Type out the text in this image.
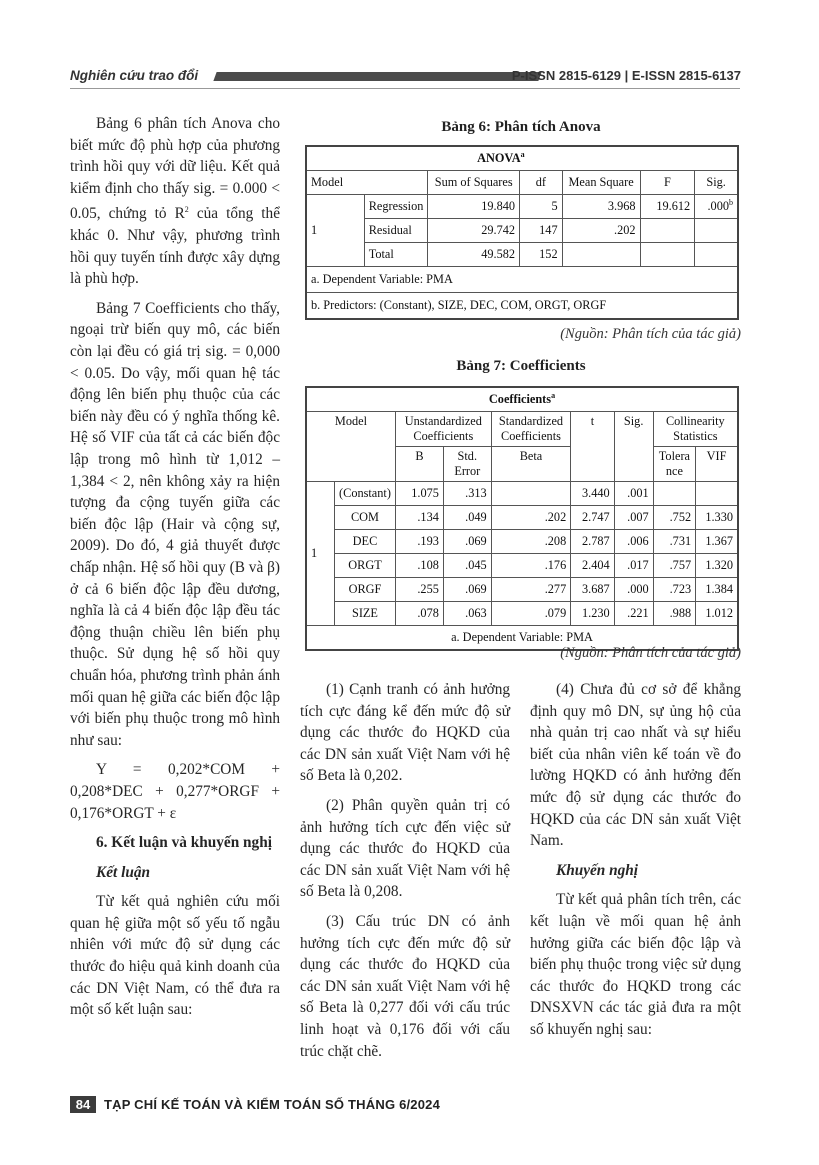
Nghiên cứu trao đổi	P-ISSN 2815-6129 | E-ISSN 2815-6137

Bảng 6 phân tích Anova cho biết mức độ phù hợp của phương trình hồi quy với dữ liệu. Kết quả kiểm định cho thấy sig. = 0.000 < 0.05, chứng tỏ $R^2$ của tổng thể khác 0. Như vậy, phương trình hồi quy tuyến tính được xây dựng là phù hợp.

Bảng 7 Coefficients cho thấy, ngoại trừ biến quy mô, các biến còn lại đều có giá trị sig. = 0,000 < 0.05. Do vậy, mối quan hệ tác động lên biến phụ thuộc của các biến này đều có ý nghĩa thống kê. Hệ số VIF của tất cả các biến độc lập trong mô hình từ 1,012 – 1,384 < 2, nên không xảy ra hiện tượng đa cộng tuyến giữa các biến độc lập (Hair và cộng sự, 2009). Do đó, 4 giả thuyết được chấp nhận. Hệ số hồi quy (B và β) ở cả 6 biến độc lập đều dương, nghĩa là cả 4 biến độc lập đều tác động thuận chiều lên biến phụ thuộc. Sử dụng hệ số hồi quy chuẩn hóa, phương trình phản ánh mối quan hệ giữa các biến độc lập với biến phụ thuộc trong mô hình như sau:

Y = 0,202*COM + 0,208*DEC + 0,277*ORGF + 0,176*ORGT + ε

6. Kết luận và khuyến nghị
Kết luận

Từ kết quả nghiên cứu mối quan hệ giữa một số yếu tố ngẫu nhiên với mức độ sử dụng các thước đo hiệu quả kinh doanh của các DN Việt Nam, có thể đưa ra một số kết luận sau:

Bảng 6: Phân tích Anova
ANOVA$^a$
Model		Sum of Squares	df	Mean Square	F	Sig.
1	Regression	19.840	5	3.968	19.612	.000$^b$
	Residual	29.742	147	.202		
	Total	49.582	152			
a. Dependent Variable: PMA						
b. Predictors: (Constant), SIZE, DEC, COM, ORGT, ORGF						
(Nguồn: Phân tích của tác giả)
Bảng 7: Coefficients
Coefficients$^a$
Model		Unstandardized Coefficients		Standardized Coefficients	t	Sig.	Collinearity Statistics	
		B	Std. Error	Beta			Tolera nce	VIF
1	(Constant)	1.075	.313		3.440	.001		
	COM	.134	.049	.202	2.747	.007	.752	1.330
	DEC	.193	.069	.208	2.787	.006	.731	1.367
	ORGT	.108	.045	.176	2.404	.017	.757	1.320
	ORGF	.255	.069	.277	3.687	.000	.723	1.384
	SIZE	.078	.063	.079	1.230	.221	.988	1.012
a. Dependent Variable: PMA								
(Nguồn: Phân tích của tác giả)

(1) Cạnh tranh có ảnh hưởng tích cực đáng kể đến mức độ sử dụng các thước đo HQKD của các DN sản xuất Việt Nam với hệ số Beta là 0,202.

(2) Phân quyền quản trị có ảnh hưởng tích cực đến việc sử dụng các thước đo HQKD của các DN sản xuất Việt Nam với hệ số Beta là 0,208.

(3) Cấu trúc DN có ảnh hưởng tích cực đến mức độ sử dụng các thước đo HQKD của các DN sản xuất Việt Nam với hệ số Beta là 0,277 đối với cấu trúc linh hoạt và 0,176 đối với cấu trúc chặt chẽ.

(4) Chưa đủ cơ sở để khẳng định quy mô DN, sự ủng hộ của nhà quản trị cao nhất và sự hiểu biết của nhân viên kế toán về đo lường HQKD có ảnh hưởng đến mức độ sử dụng các thước đo HQKD của các DN sản xuất Việt Nam.

Khuyến nghị

Từ kết quả phân tích trên, các kết luận về mối quan hệ ảnh hưởng giữa các biến độc lập và biến phụ thuộc trong việc sử dụng các thước đo HQKD trong các DNSXVN các tác giả đưa ra một số khuyến nghị sau:

84	TẠP CHÍ KẾ TOÁN VÀ KIỂM TOÁN SỐ THÁNG 6/2024
